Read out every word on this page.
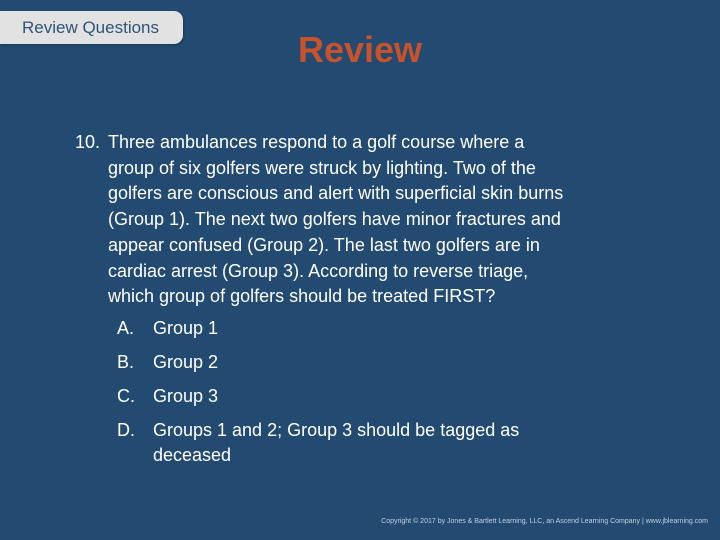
Review Questions
Review
10. Three ambulances respond to a golf course where a
group of six golfers were struck by lighting. Two of the
golfers are conscious and alert with superficial skin burns
(Group 1). The next two golfers have minor fractures and
appear confused (Group 2). The last two golfers are in
cardiac arrest (Group 3). According to reverse triage,
which group of golfers should be treated FIRST?
A. Group 1
B. Group 2
C. Group 3
D. Groups 1 and 2; Group 3 should be tagged as
deceased
Copyright © 2017 by Jones & Bartlett Learning, LLC, an Ascend Learning Company | www.jblearning.com
